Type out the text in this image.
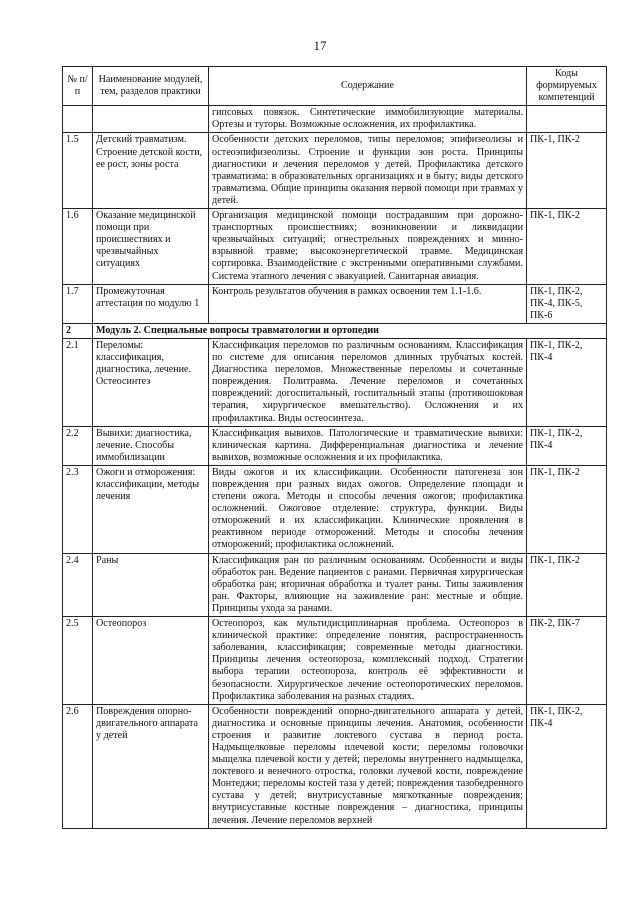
17
№ п/п	Наименование модулей, тем, разделов практики	Содержание	Коды формируемых компетенций
		гипсовых повязок. Синтетические иммобилизующие материалы. Ортезы и туторы. Возможные осложнения, их профилактика.	
1.5	Детский травматизм. Строение детской кости, ее рост, зоны роста	Особенности детских переломов, типы переломов; эпифизеолизы и остеоэпифизеолизы. Строение и функции зон роста. Принципы диагностики и лечения переломов у детей. Профилактика детского травматизма: в образовательных организациях и в быту; виды детского травматизма. Общие принципы оказания первой помощи при травмах у детей.	ПК-1, ПК-2
1.6	Оказание медицинской помощи при происшествиях и чрезвычайных ситуациях	Организация медицинской помощи пострадавшим при дорожно-транспортных происшествиях; возникновении и ликвидации чрезвычайных ситуаций; огнестрельных повреждениях и минно-взрывной травме; высокоэнергетической травме. Медицинская сортировка. Взаимодействие с экстренными оперативными службами. Система этапного лечения с эвакуацией. Санитарная авиация.	ПК-1, ПК-2
1.7	Промежуточная аттестация по модулю 1	Контроль результатов обучения в рамках освоения тем 1.1-1.6.	ПК-1, ПК-2, ПК-4, ПК-5, ПК-6
2	Модуль 2. Специальные вопросы травматологии и ортопедии		
2.1	Переломы: классификация, диагностика, лечение. Остеосинтез	Классификация переломов по различным основаниям. Классификация по системе для описания переломов длинных трубчатых костей. Диагностика переломов. Множественные переломы и сочетанные повреждения. Политравма. Лечение переломов и сочетанных повреждений: догоспитальный, госпитальный этапы (противошоковая терапия, хирургическое вмешательство). Осложнения и их профилактика. Виды остеосинтеза.	ПК-1, ПК-2, ПК-4
2.2	Вывихи: диагностика, лечение. Способы иммобилизации	Классификация вывихов. Патологические и травматические вывихи: клиническая картина. Дифференциальная диагностика и лечение вывихов, возможные осложнения и их профилактика.	ПК-1, ПК-2, ПК-4
2.3	Ожоги и отморожения: классификации, методы лечения	Виды ожогов и их классификации. Особенности патогенеза зон повреждения при разных видах ожогов. Определение площади и степени ожога. Методы и способы лечения ожогов; профилактика осложнений. Ожоговое отделение: структура, функции. Виды отморожений и их классификации. Клинические проявления в реактивном периоде отморожений. Методы и способы лечения отморожений; профилактика осложнений.	ПК-1, ПК-2
2.4	Раны	Классификация ран по различным основаниям. Особенности и виды обработок ран. Ведение пациентов с ранами. Первичная хирургическая обработка ран; вторичная обработка и туалет раны. Типы заживления ран. Факторы, влияющие на заживление ран: местные и общие. Принципы ухода за ранами.	ПК-1, ПК-2
2.5	Остеопороз	Остеопороз, как мультидисциплинарная проблема. Остеопороз в клинической практике: определение понятия, распространенность заболевания, классификация; современные методы диагностики. Принципы лечения остеопороза, комплексный подход. Стратегии выбора терапии остеопороза, контроль её эффективности и безопасности. Хирургическое лечение остеопоротических переломов. Профилактика заболевания на разных стадиях.	ПК-2, ПК-7
2.6	Повреждения опорно-двигательного аппарата у детей	Особенности повреждений опорно-двигательного аппарата у детей, диагностика и основные принципы лечения. Анатомия, особенности строения и развитие локтевого сустава в период роста. Надмыщелковые переломы плечевой кости; переломы головочки мыщелка плечевой кости у детей; переломы внутреннего надмыщелка, локтевого и венечного отростка, головки лучевой кости, повреждение Монтеджи; переломы костей таза у детей; повреждения тазобедренного сустава у детей; внутрисуставные мягкотканные повреждения; внутрисуставные костные повреждения – диагностика, принципы лечения. Лечение переломов верхней	ПК-1, ПК-2, ПК-4
